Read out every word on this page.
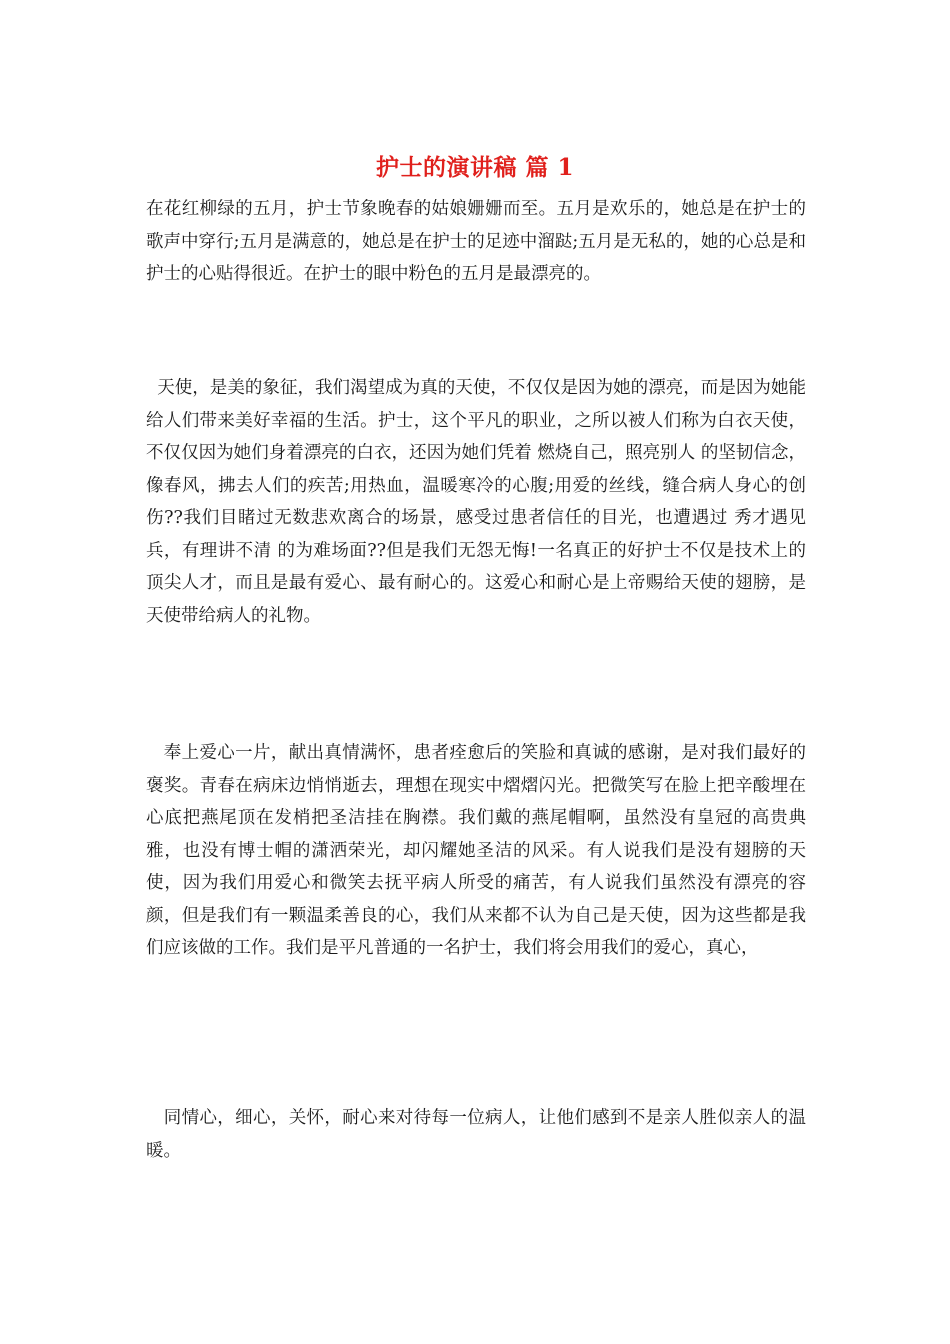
护士的演讲稿 篇 1

在花红柳绿的五月，护士节象晚春的姑娘姗姗而至。五月是欢乐的，她总是在护士的歌声中穿行;五月是满意的，她总是在护士的足迹中溜跶;五月是无私的，她的心总是和护士的心贴得很近。在护士的眼中粉色的五月是最漂亮的。

天使，是美的象征，我们渴望成为真的天使，不仅仅是因为她的漂亮，而是因为她能给人们带来美好幸福的生活。护士，这个平凡的职业，之所以被人们称为白衣天使，不仅仅因为她们身着漂亮的白衣，还因为她们凭着 燃烧自己，照亮别人 的坚韧信念，像春风，拂去人们的疾苦;用热血，温暖寒冷的心腹;用爱的丝线，缝合病人身心的创伤??我们目睹过无数悲欢离合的场景，感受过患者信任的目光，也遭遇过 秀才遇见兵，有理讲不清 的为难场面??但是我们无怨无悔!一名真正的好护士不仅是技术上的顶尖人才，而且是最有爱心、最有耐心的。这爱心和耐心是上帝赐给天使的翅膀，是天使带给病人的礼物。

奉上爱心一片，献出真情满怀，患者痊愈后的笑脸和真诚的感谢，是对我们最好的褒奖。青春在病床边悄悄逝去，理想在现实中熠熠闪光。把微笑写在脸上把辛酸埋在心底把燕尾顶在发梢把圣洁挂在胸襟。我们戴的燕尾帽啊，虽然没有皇冠的高贵典雅，也没有博士帽的潇洒荣光，却闪耀她圣洁的风采。有人说我们是没有翅膀的天使，因为我们用爱心和微笑去抚平病人所受的痛苦，有人说我们虽然没有漂亮的容颜，但是我们有一颗温柔善良的心，我们从来都不认为自己是天使，因为这些都是我们应该做的工作。我们是平凡普通的一名护士，我们将会用我们的爱心，真心，

同情心，细心，关怀，耐心来对待每一位病人，让他们感到不是亲人胜似亲人的温暖。
